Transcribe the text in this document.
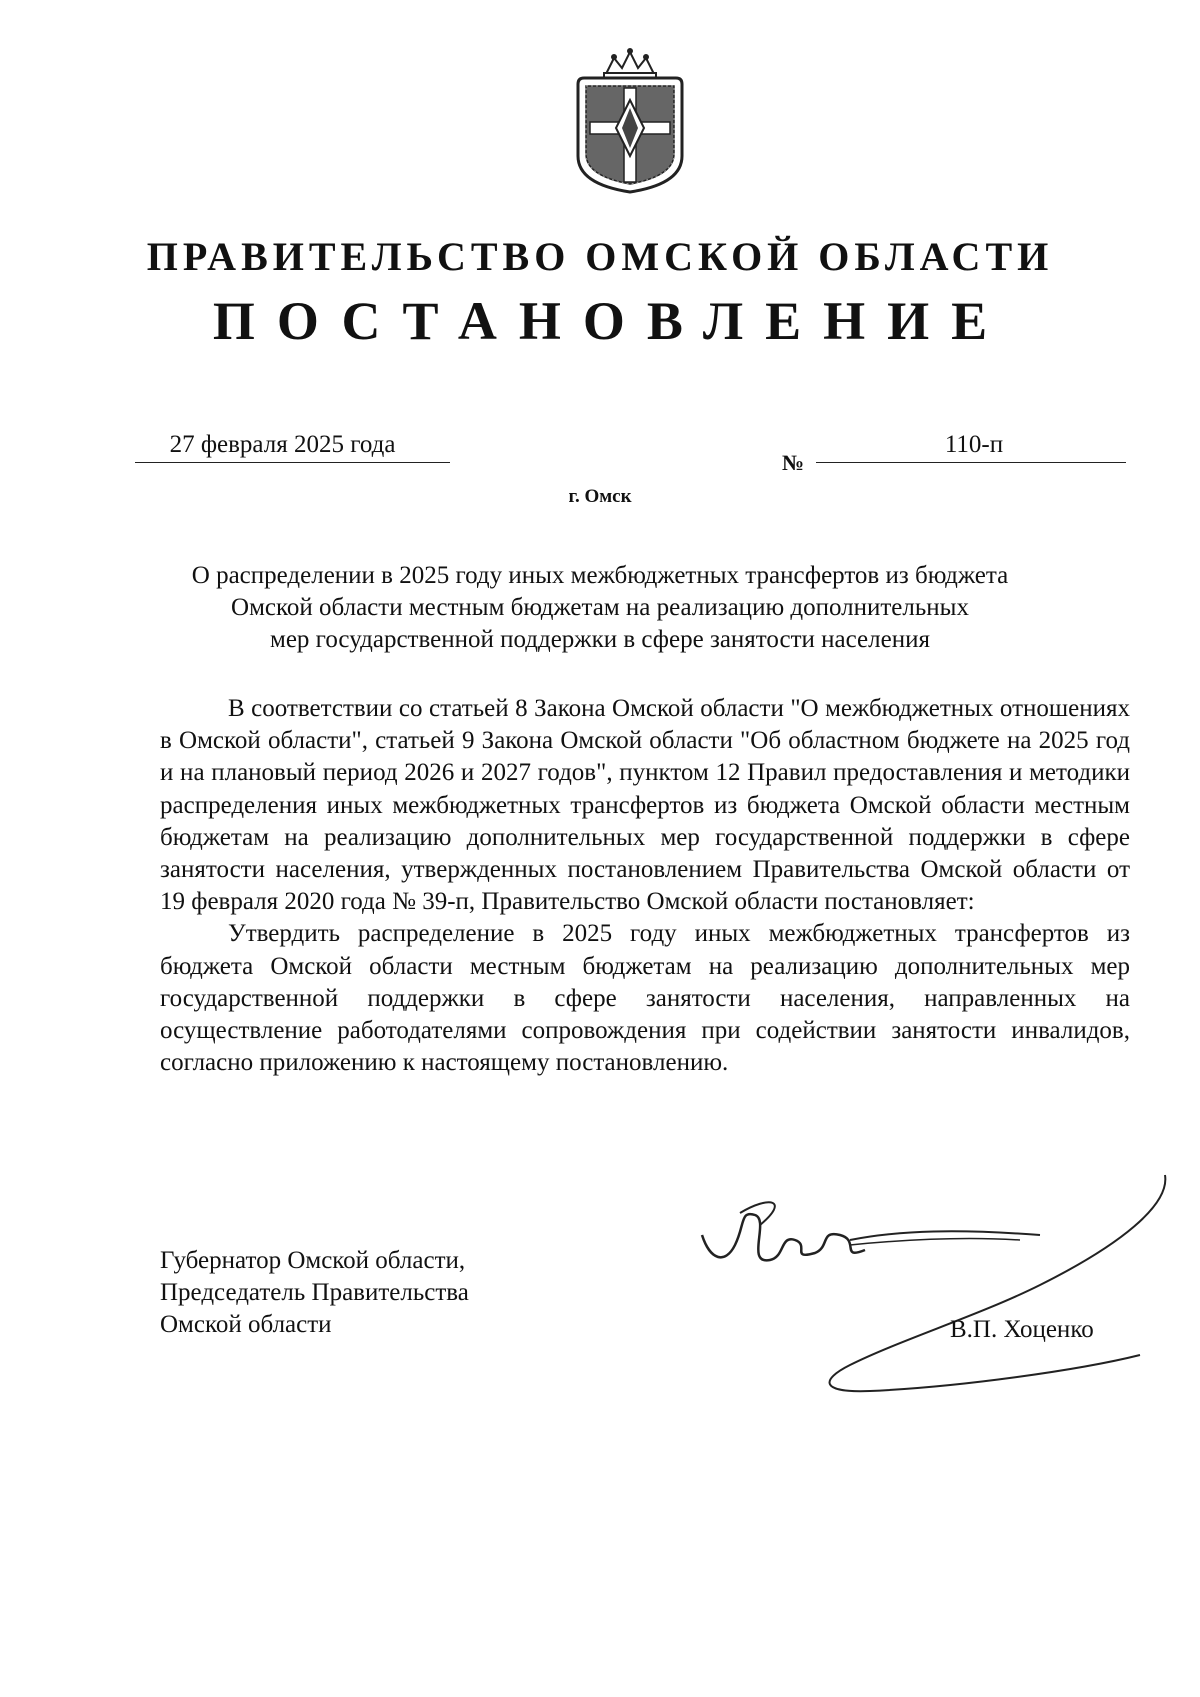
ПРАВИТЕЛЬСТВО ОМСКОЙ ОБЛАСТИ
ПОСТАНОВЛЕНИЕ
27 февраля 2025 года
№
110-п
г. Омск
О распределении в 2025 году иных межбюджетных трансфертов из бюджета
Омской области местным бюджетам на реализацию дополнительных
мер государственной поддержки в сфере занятости населения

В соответствии со статьей 8 Закона Омской области "О межбюджетных отношениях в Омской области", статьей 9 Закона Омской области "Об областном бюджете на 2025 год и на плановый период 2026 и 2027 годов", пунктом 12 Правил предоставления и методики распределения иных межбюджетных трансфертов из бюджета Омской области местным бюджетам на реализацию дополнительных мер государственной поддержки в сфере занятости населения, утвержденных постановлением Правительства Омской области от 19 февраля 2020 года № 39-п, Правительство Омской области постановляет:

Утвердить распределение в 2025 году иных межбюджетных трансфертов из бюджета Омской области местным бюджетам на реализацию дополнительных мер государственной поддержки в сфере занятости населения, направленных на осуществление работодателями сопровождения при содействии занятости инвалидов, согласно приложению к настоящему постановлению.

Губернатор Омской области,
Председатель Правительства
Омской области	В.П. Хоценко
